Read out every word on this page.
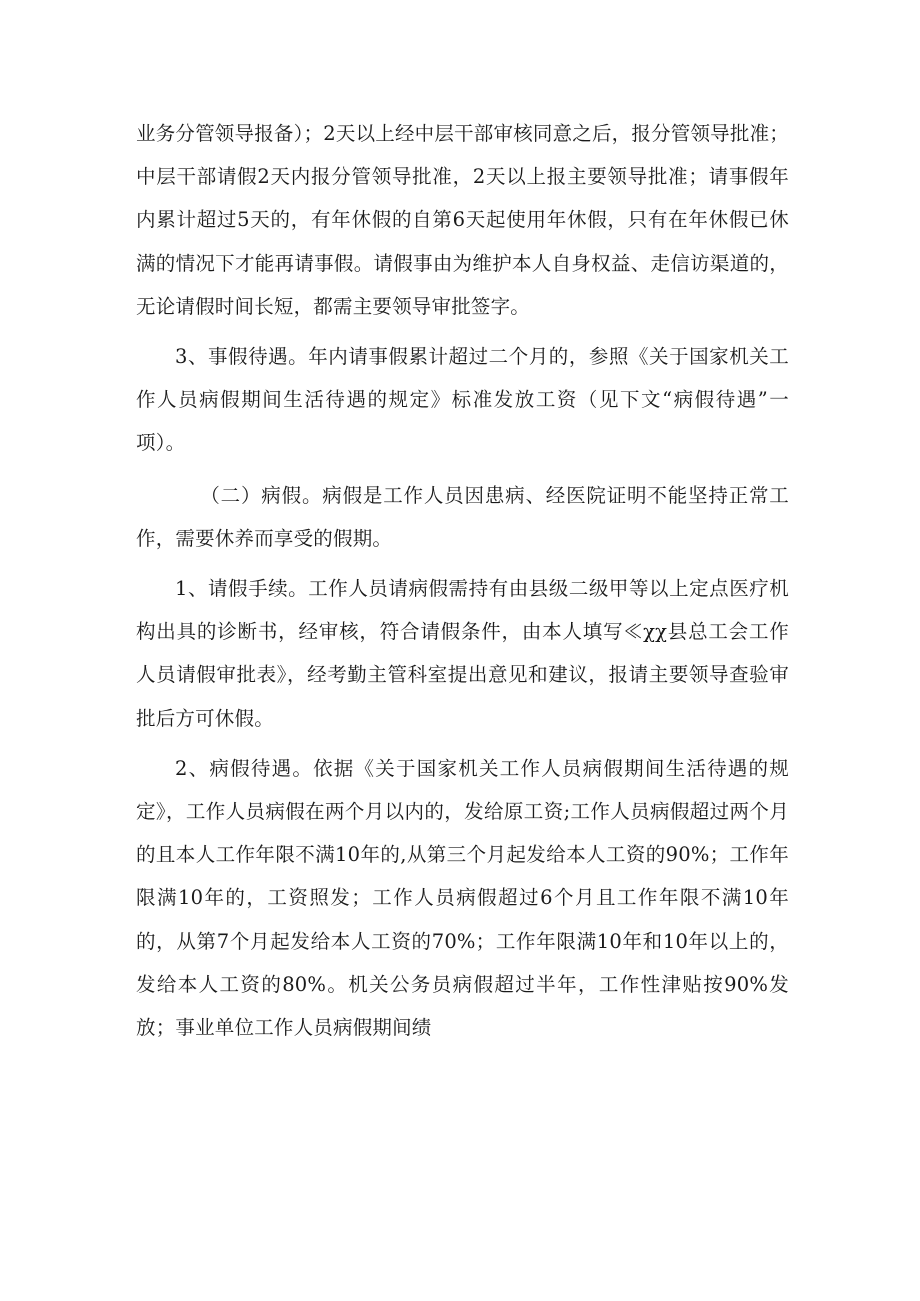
业务分管领导报备）；2天以上经中层干部审核同意之后，报分管领导批准；中层干部请假2天内报分管领导批准，2天以上报主要领导批准；请事假年内累计超过5天的，有年休假的自第6天起使用年休假，只有在年休假已休满的情况下才能再请事假。请假事由为维护本人自身权益、走信访渠道的，无论请假时间长短，都需主要领导审批签字。

3、事假待遇。年内请事假累计超过二个月的，参照《关于国家机关工作人员病假期间生活待遇的规定》标准发放工资（见下文“病假待遇”一项）。

（二）病假。病假是工作人员因患病、经医院证明不能坚持正常工作，需要休养而享受的假期。

1、请假手续。工作人员请病假需持有由县级二级甲等以上定点医疗机构出具的诊断书，经审核，符合请假条件，由本人填写≪χχ县总工会工作人员请假审批表》，经考勤主管科室提出意见和建议，报请主要领导查验审批后方可休假。

2、病假待遇。依据《关于国家机关工作人员病假期间生活待遇的规定》，工作人员病假在两个月以内的，发给原工资;工作人员病假超过两个月的且本人工作年限不满10年的,从第三个月起发给本人工资的90%；工作年限满10年的，工资照发；工作人员病假超过6个月且工作年限不满10年的，从第7个月起发给本人工资的70%；工作年限满10年和10年以上的，发给本人工资的80%。机关公务员病假超过半年，工作性津贴按90%发放；事业单位工作人员病假期间绩
